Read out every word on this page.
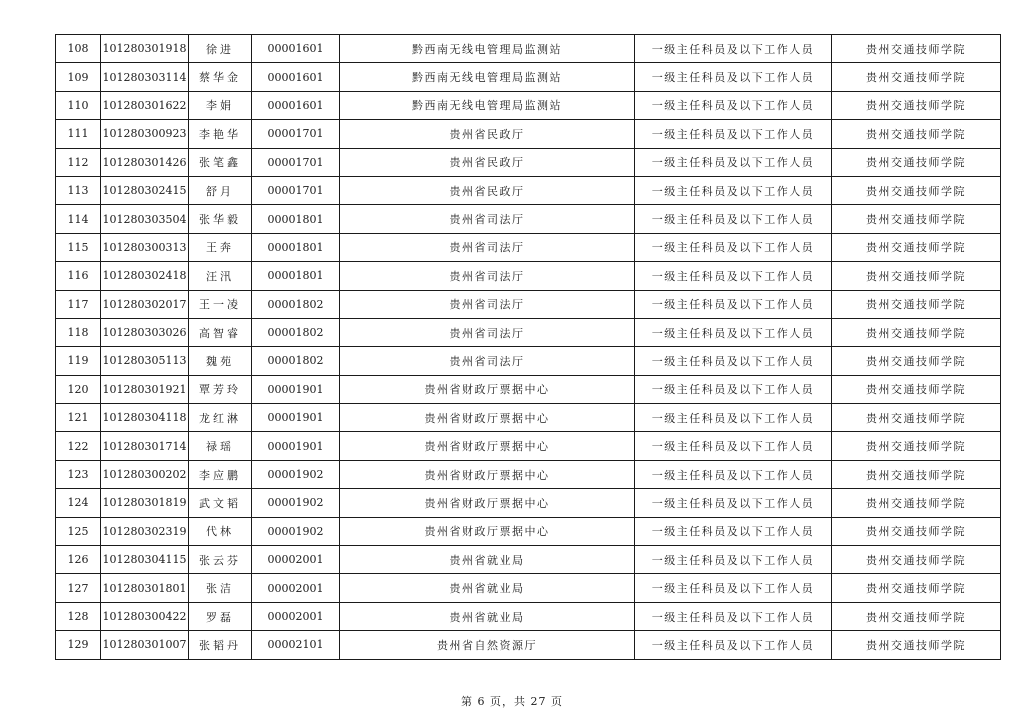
108	101280301918	徐进	00001601	黔西南无线电管理局监测站	一级主任科员及以下工作人员	贵州交通技师学院
109	101280303114	蔡华金	00001601	黔西南无线电管理局监测站	一级主任科员及以下工作人员	贵州交通技师学院
110	101280301622	李娟	00001601	黔西南无线电管理局监测站	一级主任科员及以下工作人员	贵州交通技师学院
111	101280300923	李艳华	00001701	贵州省民政厅	一级主任科员及以下工作人员	贵州交通技师学院
112	101280301426	张笔鑫	00001701	贵州省民政厅	一级主任科员及以下工作人员	贵州交通技师学院
113	101280302415	舒月	00001701	贵州省民政厅	一级主任科员及以下工作人员	贵州交通技师学院
114	101280303504	张华毅	00001801	贵州省司法厅	一级主任科员及以下工作人员	贵州交通技师学院
115	101280300313	王奔	00001801	贵州省司法厅	一级主任科员及以下工作人员	贵州交通技师学院
116	101280302418	汪汛	00001801	贵州省司法厅	一级主任科员及以下工作人员	贵州交通技师学院
117	101280302017	王一凌	00001802	贵州省司法厅	一级主任科员及以下工作人员	贵州交通技师学院
118	101280303026	高智睿	00001802	贵州省司法厅	一级主任科员及以下工作人员	贵州交通技师学院
119	101280305113	魏苑	00001802	贵州省司法厅	一级主任科员及以下工作人员	贵州交通技师学院
120	101280301921	覃芳玲	00001901	贵州省财政厅票据中心	一级主任科员及以下工作人员	贵州交通技师学院
121	101280304118	龙红淋	00001901	贵州省财政厅票据中心	一级主任科员及以下工作人员	贵州交通技师学院
122	101280301714	禄瑶	00001901	贵州省财政厅票据中心	一级主任科员及以下工作人员	贵州交通技师学院
123	101280300202	李应鹏	00001902	贵州省财政厅票据中心	一级主任科员及以下工作人员	贵州交通技师学院
124	101280301819	武文韬	00001902	贵州省财政厅票据中心	一级主任科员及以下工作人员	贵州交通技师学院
125	101280302319	代林	00001902	贵州省财政厅票据中心	一级主任科员及以下工作人员	贵州交通技师学院
126	101280304115	张云芬	00002001	贵州省就业局	一级主任科员及以下工作人员	贵州交通技师学院
127	101280301801	张洁	00002001	贵州省就业局	一级主任科员及以下工作人员	贵州交通技师学院
128	101280300422	罗磊	00002001	贵州省就业局	一级主任科员及以下工作人员	贵州交通技师学院
129	101280301007	张韬丹	00002101	贵州省自然资源厅	一级主任科员及以下工作人员	贵州交通技师学院
第 6 页，共 27 页
